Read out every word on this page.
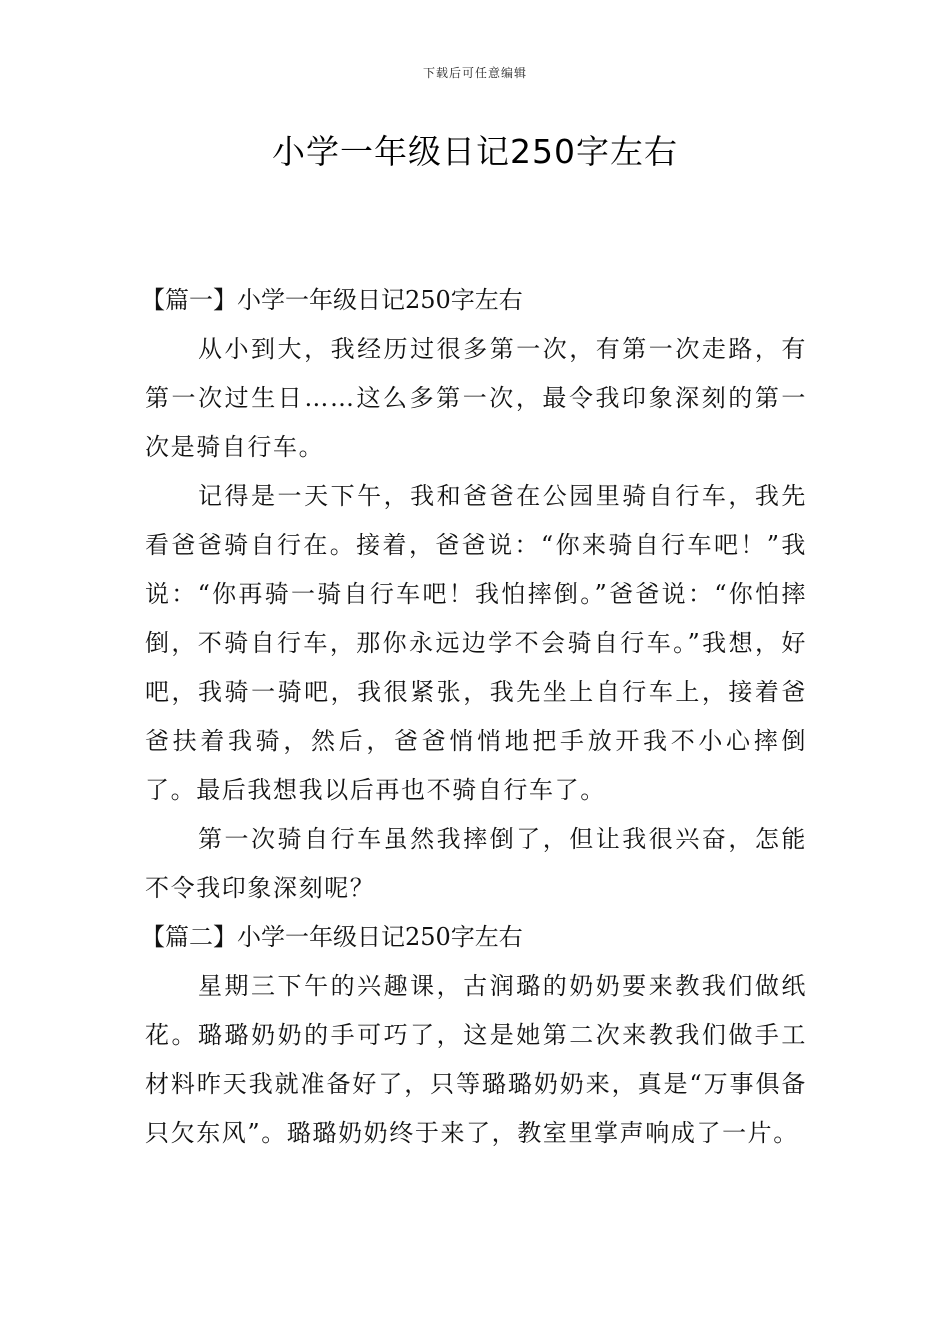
下载后可任意编辑
小学一年级日记250字左右

【篇一】小学一年级日记250字左右

从小到大，我经历过很多第一次，有第一次走路，有第一次过生日……这么多第一次，最令我印象深刻的第一次是骑自行车。

记得是一天下午，我和爸爸在公园里骑自行车，我先看爸爸骑自行在。接着，爸爸说：“你来骑自行车吧！”我说：“你再骑一骑自行车吧！我怕摔倒。”爸爸说：“你怕摔倒，不骑自行车，那你永远边学不会骑自行车。”我想，好吧，我骑一骑吧，我很紧张，我先坐上自行车上，接着爸爸扶着我骑，然后，爸爸悄悄地把手放开我不小心摔倒了。最后我想我以后再也不骑自行车了。

第一次骑自行车虽然我摔倒了，但让我很兴奋，怎能不令我印象深刻呢？

【篇二】小学一年级日记250字左右

星期三下午的兴趣课，古润璐的奶奶要来教我们做纸花。璐璐奶奶的手可巧了，这是她第二次来教我们做手工材料昨天我就准备好了，只等璐璐奶奶来，真是“万事俱备只欠东风”。璐璐奶奶终于来了，教室里掌声响成了一片。
